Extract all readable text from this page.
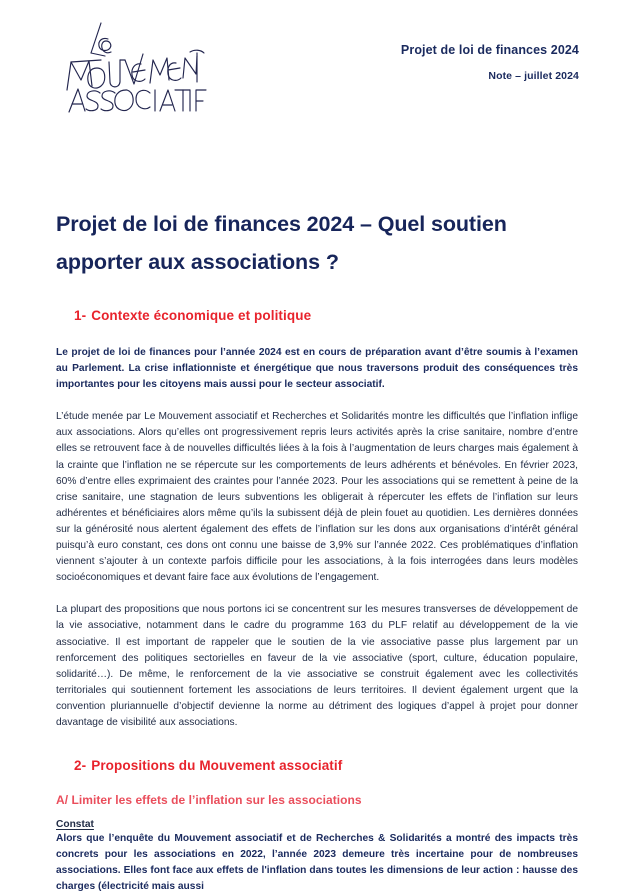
Projet de loi de finances 2024
Note – juillet 2024
Projet de loi de finances 2024 – Quel soutien apporter aux associations ?
1- Contexte économique et politique

Le projet de loi de finances pour l’année 2024 est en cours de préparation avant d’être soumis à l’examen au Parlement. La crise inflationniste et énergétique que nous traversons produit des conséquences très importantes pour les citoyens mais aussi pour le secteur associatif.

L’étude menée par Le Mouvement associatif et Recherches et Solidarités montre les difficultés que l’inflation inflige aux associations. Alors qu’elles ont progressivement repris leurs activités après la crise sanitaire, nombre d’entre elles se retrouvent face à de nouvelles difficultés liées à la fois à l’augmentation de leurs charges mais également à la crainte que l’inflation ne se répercute sur les comportements de leurs adhérents et bénévoles. En février 2023, 60% d’entre elles exprimaient des craintes pour l’année 2023. Pour les associations qui se remettent à peine de la crise sanitaire, une stagnation de leurs subventions les obligerait à répercuter les effets de l’inflation sur leurs adhérentes et bénéficiaires alors même qu’ils la subissent déjà de plein fouet au quotidien. Les dernières données sur la générosité nous alertent également des effets de l’inflation sur les dons aux organisations d’intérêt général puisqu’à euro constant, ces dons ont connu une baisse de 3,9% sur l’année 2022. Ces problématiques d’inflation viennent s’ajouter à un contexte parfois difficile pour les associations, à la fois interrogées dans leurs modèles socioéconomiques et devant faire face aux évolutions de l’engagement.

La plupart des propositions que nous portons ici se concentrent sur les mesures transverses de développement de la vie associative, notamment dans le cadre du programme 163 du PLF relatif au développement de la vie associative. Il est important de rappeler que le soutien de la vie associative passe plus largement par un renforcement des politiques sectorielles en faveur de la vie associative (sport, culture, éducation populaire, solidarité…). De même, le renforcement de la vie associative se construit également avec les collectivités territoriales qui soutiennent fortement les associations de leurs territoires. Il devient également urgent que la convention pluriannuelle d’objectif devienne la norme au détriment des logiques d’appel à projet pour donner davantage de visibilité aux associations.

2- Propositions du Mouvement associatif
A/ Limiter les effets de l’inflation sur les associations
Constat

Alors que l’enquête du Mouvement associatif et de Recherches & Solidarités a montré des impacts très concrets pour les associations en 2022, l’année 2023 demeure très incertaine pour de nombreuses associations. Elles font face aux effets de l'inflation dans toutes les dimensions de leur action : hausse des charges (électricité mais aussi
